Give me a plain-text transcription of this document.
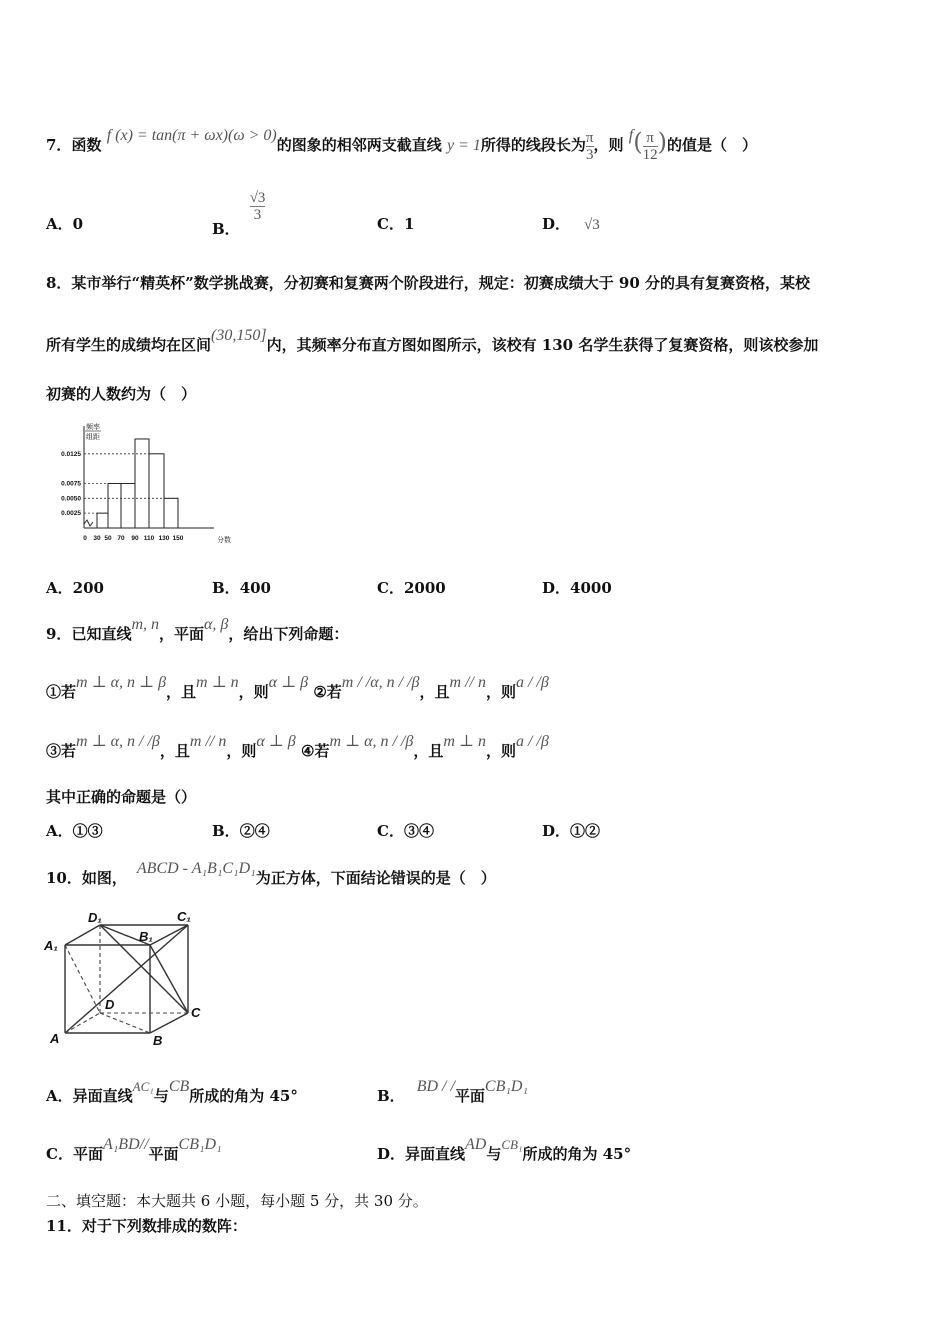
7．函数 f (x) = tan(π + ωx)(ω > 0)的图象的相邻两支截直线 y = 1所得的线段长为 $\frac{\pi}{3}$ ，则 $f( \frac{\pi}{12}$ )的值是（　）
A．0	B．
$\frac{√3}{3}$
C．1	D． √3
8．某市举行“精英杯”数学挑战赛，分初赛和复赛两个阶段进行，规定：初赛成绩大于 90 分的具有复赛资格，某校
所有学生的成绩均在区间(30,150]内，其频率分布直方图如图所示，该校有 130 名学生获得了复赛资格，则该校参加
初赛的人数约为（　）
0.0025
0.0050
0.0075
0.0125
0 30 50 70 90 110 130 150	分数
频率
组距
A．200	B．400	C．2000	D．4000
9．已知直线m, n，平面α, β，给出下列命题：
①若m ⊥ α, n ⊥ β，且m ⊥ n，则α ⊥ β ②若m / /α, n / /β，且m // n，则a / /β
③若m ⊥ α, n / /β，且m // n，则α ⊥ β ④若m ⊥ α, n / /β，且m ⊥ n，则a / /β
其中正确的命题是（）
A．①③	B．②④	C．③④	D．①②
10．如图，ABCD - A₁B₁C₁D₁为正方体，下面结论错误的是（　）
D₁	C₁
A₁
B₁
D
C
A	B
A．异面直线AC₁与CB所成的角为 45°	B．BD / /平面CB₁D₁
C．平面A₁BD//平面CB₁D₁
D．异面直线AD与CB₁所成的角为 45°
二、填空题：本大题共 6 小题，每小题 5 分，共 30 分。
11．对于下列数排成的数阵：
